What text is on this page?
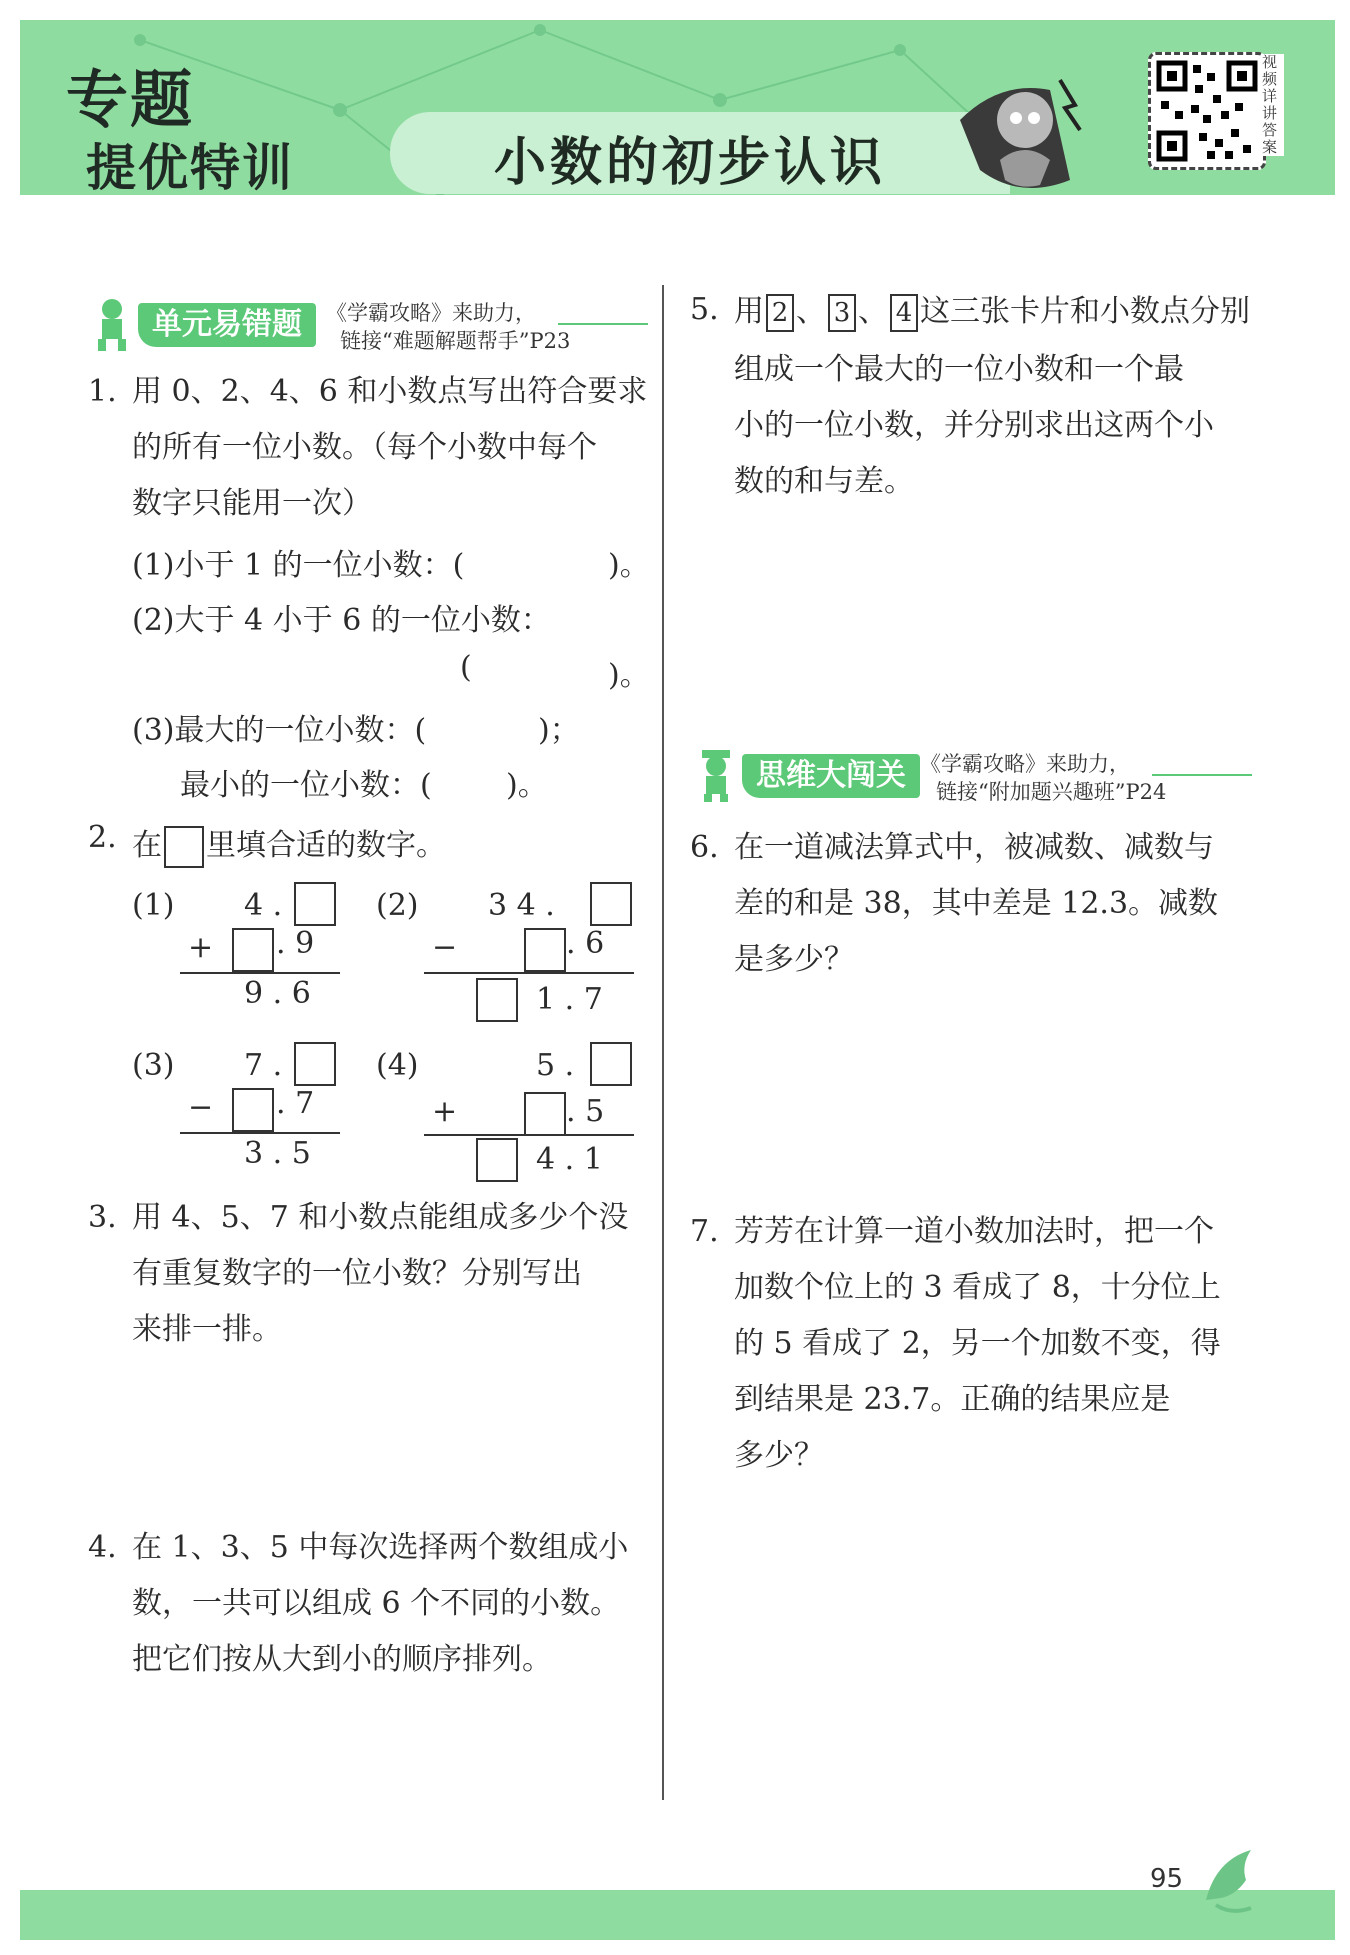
专题
提优特训	小数的初步认识
视频详讲答案
单元易错题	《学霸攻略》来助力，
链接“难题解题帮手”P23
1. 用 0、2、4、6 和小数点写出符合要求
的所有一位小数。（每个小数中每个
数字只能用一次）
(1)小于 1 的一位小数：(	)。
(2)大于 4 小于 6 的一位小数：
(	)。
(3)最大的一位小数：(	)；
最小的一位小数：( )。
2. 在 里填合适的数字。
(1) 4 .
+ . 9
9 . 6
(2) 3 4 .
−	. 6
1 . 7
(3) 7 .
− . 7
3 . 5
(4)	5 .
+	. 5
4 . 1
3. 用 4、5、7 和小数点能组成多少个没
有重复数字的一位小数？分别写出
来排一排。
4. 在 1、3、5 中每次选择两个数组成小
数，一共可以组成 6 个不同的小数。
把它们按从大到小的顺序排列。
5. 用 2 、 3 、 4 这三张卡片和小数点分别
组成一个最大的一位小数和一个最
小的一位小数，并分别求出这两个小
数的和与差。
思维大闯关 《学霸攻略》来助力，
链接“附加题兴趣班”P24
6. 在一道减法算式中，被减数、减数与
差的和是 38，其中差是 12.3。减数
是多少？
7. 芳芳在计算一道小数加法时，把一个
加数个位上的 3 看成了 8，十分位上
的 5 看成了 2，另一个加数不变，得
到结果是 23.7。正确的结果应是
多少？
95
